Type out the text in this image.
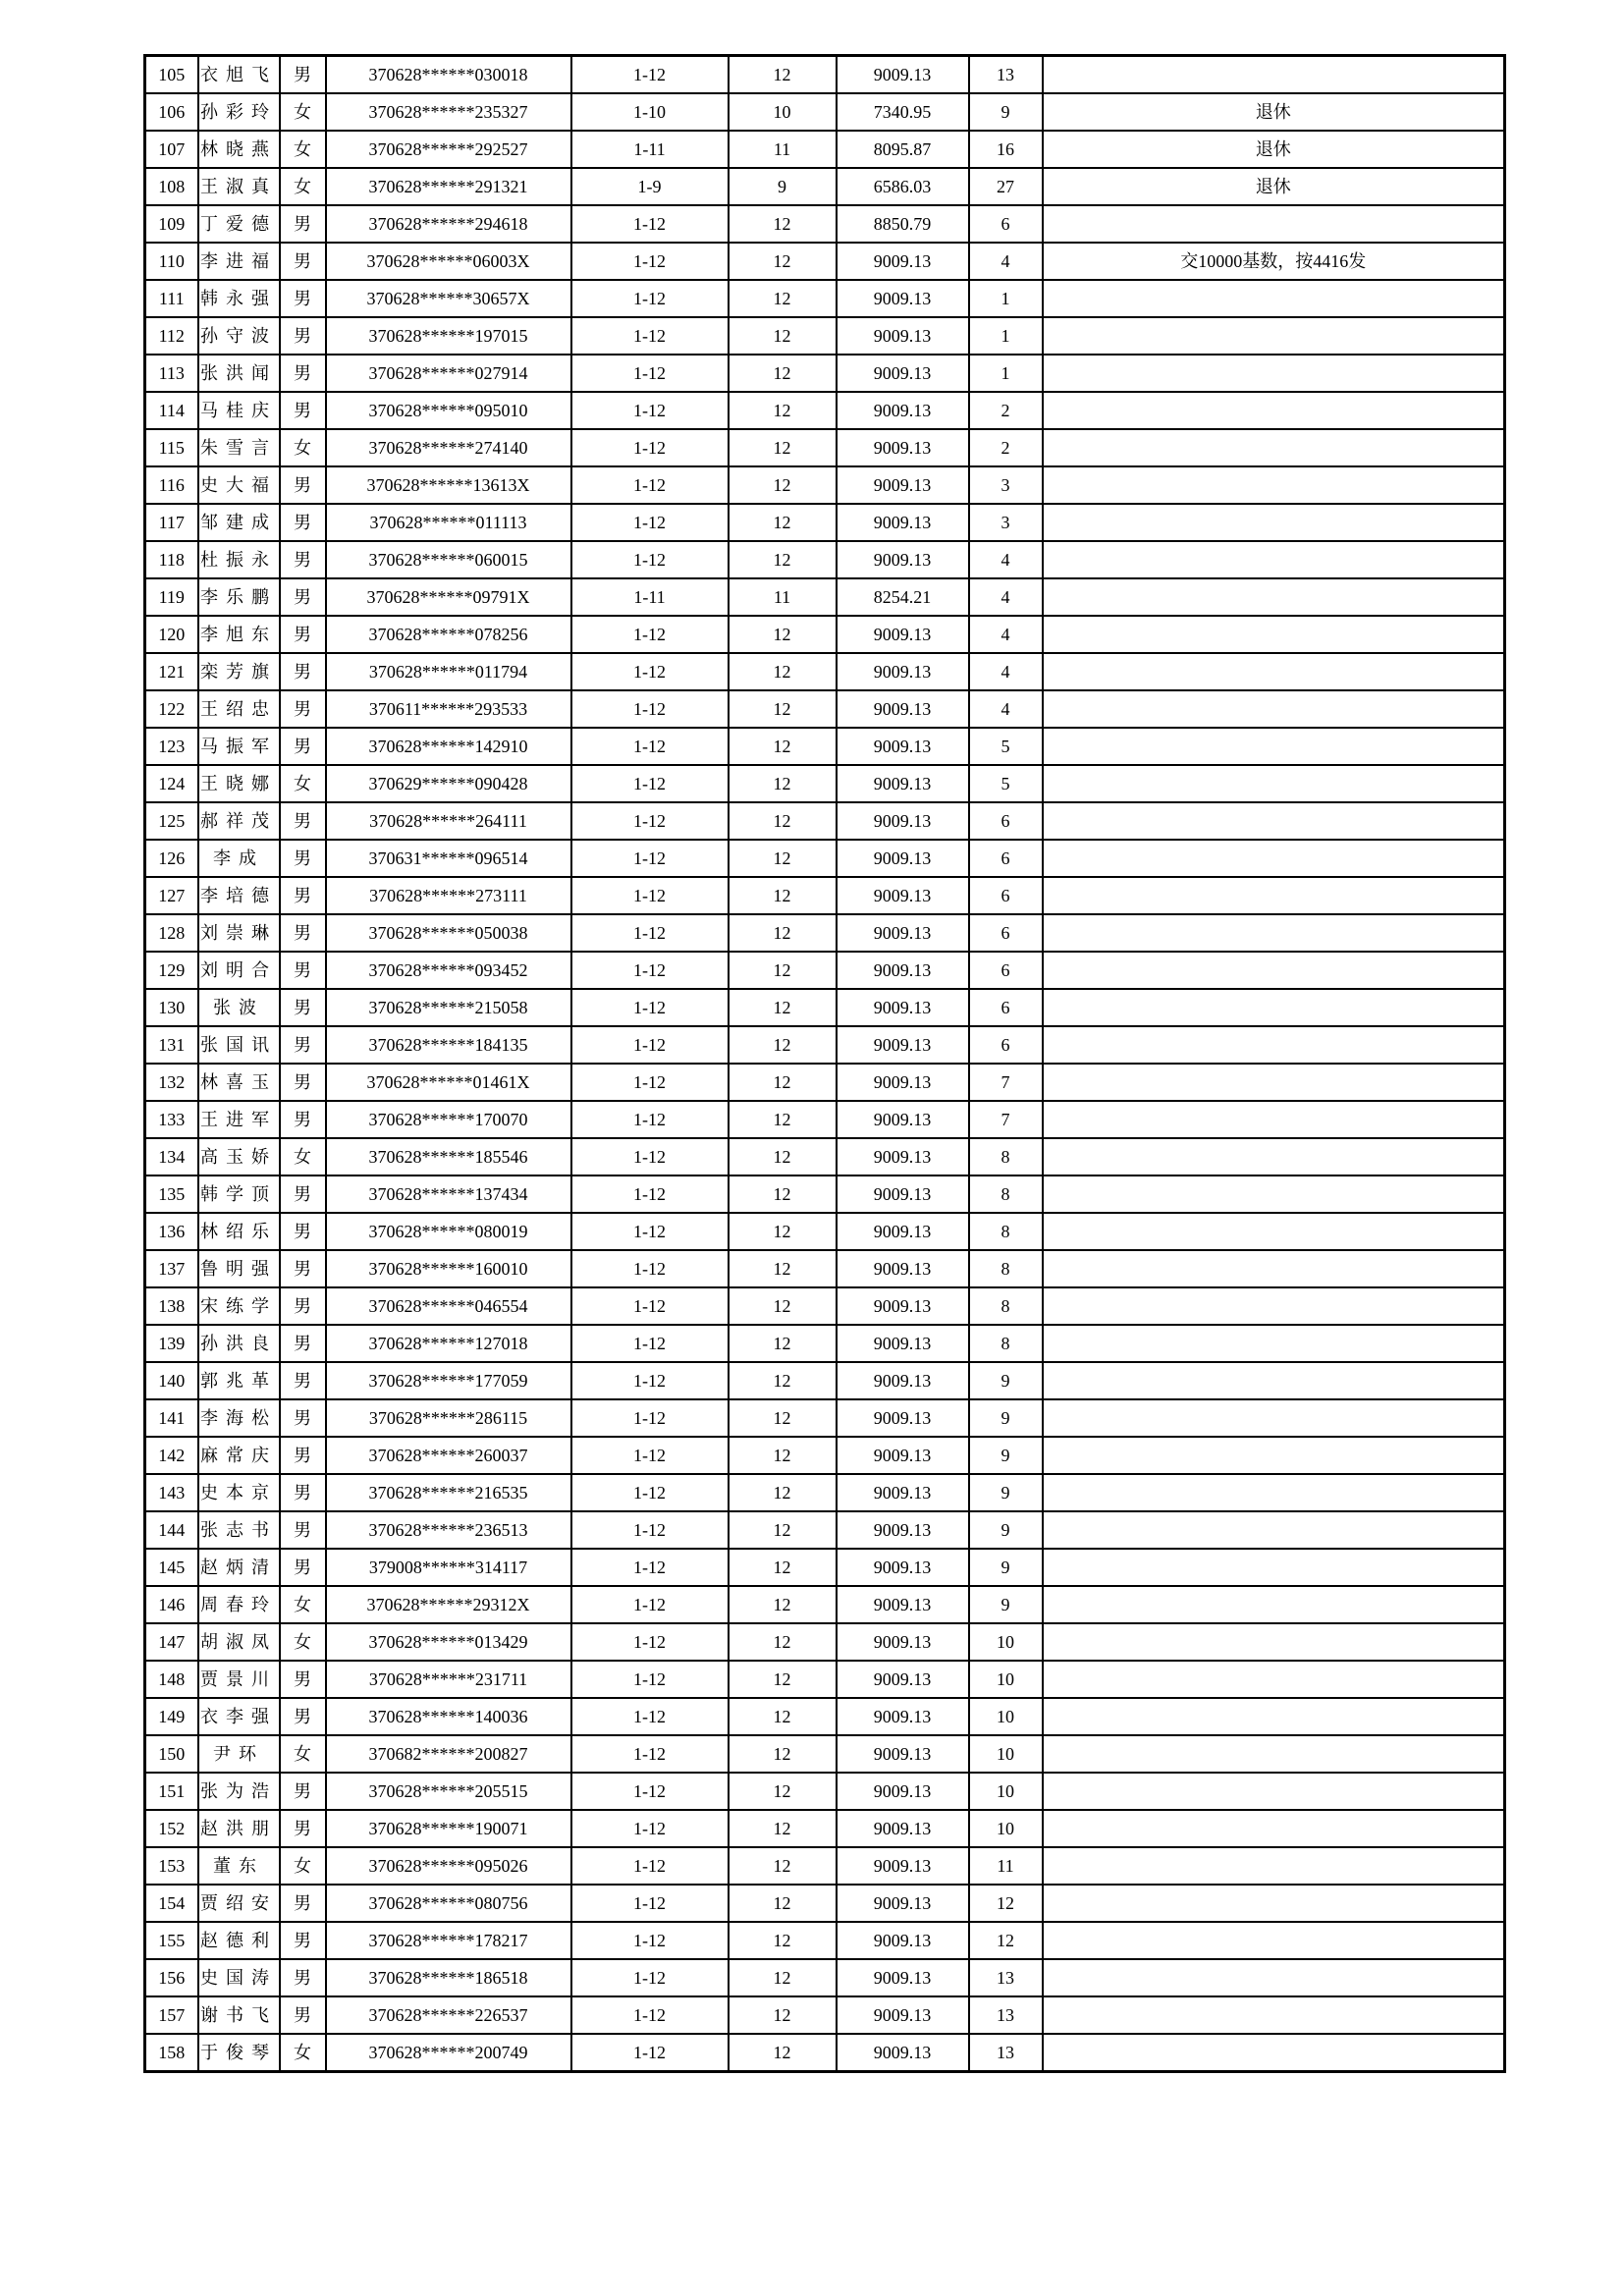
105	衣旭飞	男	370628******030018	1-12	12	9009.13	13	
106	孙彩玲	女	370628******235327	1-10	10	7340.95	9	退休
107	林晓燕	女	370628******292527	1-11	11	8095.87	16	退休
108	王淑真	女	370628******291321	1-9	9	6586.03	27	退休
109	丁爱德	男	370628******294618	1-12	12	8850.79	6	
110	李进福	男	370628******06003X	1-12	12	9009.13	4	交10000基数，按4416发
111	韩永强	男	370628******30657X	1-12	12	9009.13	1	
112	孙守波	男	370628******197015	1-12	12	9009.13	1	
113	张洪闻	男	370628******027914	1-12	12	9009.13	1	
114	马桂庆	男	370628******095010	1-12	12	9009.13	2	
115	朱雪言	女	370628******274140	1-12	12	9009.13	2	
116	史大福	男	370628******13613X	1-12	12	9009.13	3	
117	邹建成	男	370628******011113	1-12	12	9009.13	3	
118	杜振永	男	370628******060015	1-12	12	9009.13	4	
119	李乐鹏	男	370628******09791X	1-11	11	8254.21	4	
120	李旭东	男	370628******078256	1-12	12	9009.13	4	
121	栾芳旗	男	370628******011794	1-12	12	9009.13	4	
122	王绍忠	男	370611******293533	1-12	12	9009.13	4	
123	马振军	男	370628******142910	1-12	12	9009.13	5	
124	王晓娜	女	370629******090428	1-12	12	9009.13	5	
125	郝祥茂	男	370628******264111	1-12	12	9009.13	6	
126	李成	男	370631******096514	1-12	12	9009.13	6	
127	李培德	男	370628******273111	1-12	12	9009.13	6	
128	刘崇琳	男	370628******050038	1-12	12	9009.13	6	
129	刘明合	男	370628******093452	1-12	12	9009.13	6	
130	张波	男	370628******215058	1-12	12	9009.13	6	
131	张国讯	男	370628******184135	1-12	12	9009.13	6	
132	林喜玉	男	370628******01461X	1-12	12	9009.13	7	
133	王进军	男	370628******170070	1-12	12	9009.13	7	
134	高玉娇	女	370628******185546	1-12	12	9009.13	8	
135	韩学顶	男	370628******137434	1-12	12	9009.13	8	
136	林绍乐	男	370628******080019	1-12	12	9009.13	8	
137	鲁明强	男	370628******160010	1-12	12	9009.13	8	
138	宋练学	男	370628******046554	1-12	12	9009.13	8	
139	孙洪良	男	370628******127018	1-12	12	9009.13	8	
140	郭兆革	男	370628******177059	1-12	12	9009.13	9	
141	李海松	男	370628******286115	1-12	12	9009.13	9	
142	麻常庆	男	370628******260037	1-12	12	9009.13	9	
143	史本京	男	370628******216535	1-12	12	9009.13	9	
144	张志书	男	370628******236513	1-12	12	9009.13	9	
145	赵炳清	男	379008******314117	1-12	12	9009.13	9	
146	周春玲	女	370628******29312X	1-12	12	9009.13	9	
147	胡淑凤	女	370628******013429	1-12	12	9009.13	10	
148	贾景川	男	370628******231711	1-12	12	9009.13	10	
149	衣李强	男	370628******140036	1-12	12	9009.13	10	
150	尹环	女	370682******200827	1-12	12	9009.13	10	
151	张为浩	男	370628******205515	1-12	12	9009.13	10	
152	赵洪朋	男	370628******190071	1-12	12	9009.13	10	
153	董东	女	370628******095026	1-12	12	9009.13	11	
154	贾绍安	男	370628******080756	1-12	12	9009.13	12	
155	赵德利	男	370628******178217	1-12	12	9009.13	12	
156	史国涛	男	370628******186518	1-12	12	9009.13	13	
157	谢书飞	男	370628******226537	1-12	12	9009.13	13	
158	于俊琴	女	370628******200749	1-12	12	9009.13	13	
